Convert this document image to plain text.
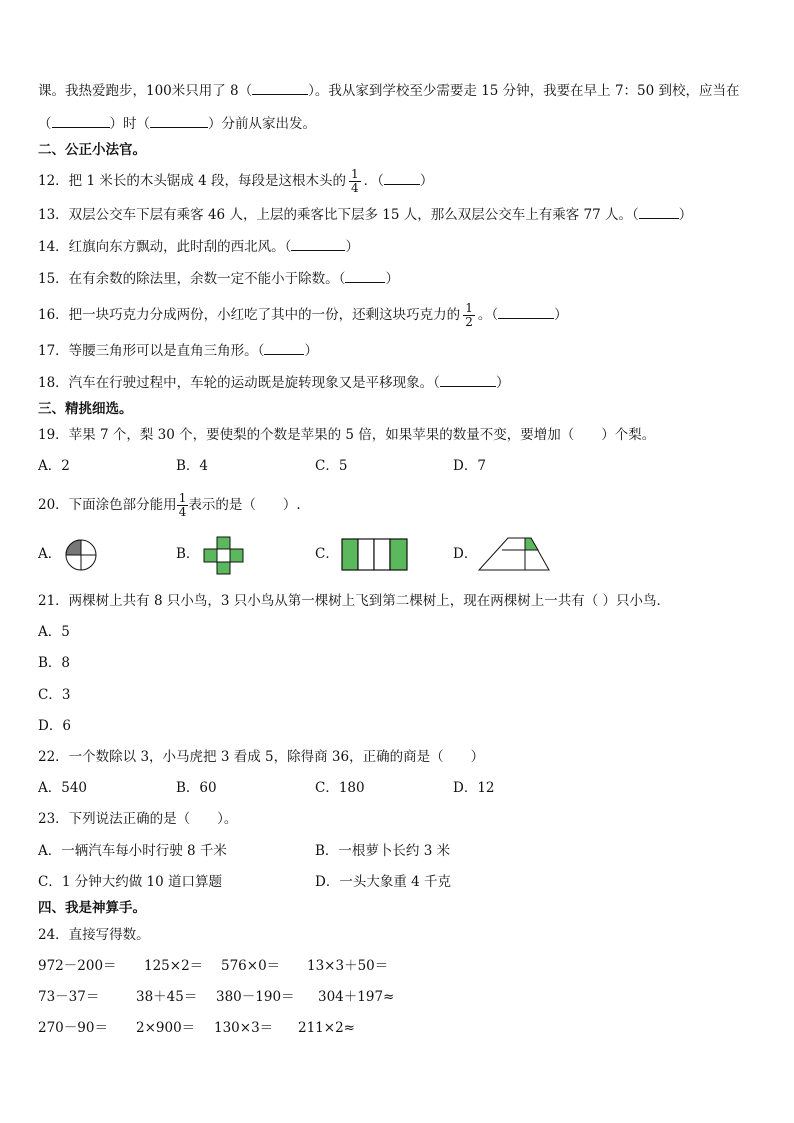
课。我热爱跑步，100米只用了 8（	）。我从家到学校至少需要走 15 分钟，我要在早上 7：50 到校，应当在
（	）时（	）分前从家出发。
二、公正小法官。
12．把 1 米长的木头锯成 4 段，每段是这根木头的 $\frac{1}{4}$ ．（	）
13．双层公交车下层有乘客 46 人，上层的乘客比下层多 15 人，那么双层公交车上有乘客 77 人。（	）
14．红旗向东方飘动，此时刮的西北风。（	）
15．在有余数的除法里，余数一定不能小于除数。（	）
16．把一块巧克力分成两份，小红吃了其中的一份，还剩这块巧克力的 $\frac{1}{2}$ 。（	）
17．等腰三角形可以是直角三角形。（	）
18．汽车在行驶过程中，车轮的运动既是旋转现象又是平移现象。（	）
三、精挑细选。
19．苹果 7 个，梨 30 个，要使梨的个数是苹果的 5 倍，如果苹果的数量不变，要增加（　　）个梨。
A．2	B．4	C．5	D．7
20．下面涂色部分能用 $\frac{1}{4}$ 表示的是（　　）.
A．	B．	C．	D．
21．两棵树上共有 8 只小鸟，3 只小鸟从第一棵树上飞到第二棵树上，现在两棵树上一共有（ ）只小鸟．
A．5
B．8
C．3
D．6
22．一个数除以 3，小马虎把 3 看成 5，除得商 36，正确的商是（　　）
A．540	B．60	C．180	D．12
23．下列说法正确的是（　　）。
A．一辆汽车每小时行驶 8 千米	B．一根萝卜长约 3 米
C．1 分钟大约做 10 道口算题	D．一头大象重 4 千克
四、我是神算手。
24．直接写得数。
972－200＝ 125×2＝ 576×0＝ 13×3＋50＝
73－37＝	38＋45＝ 380－190＝ 304＋197≈
270－90＝ 2×900＝ 130×3＝ 211×2≈
